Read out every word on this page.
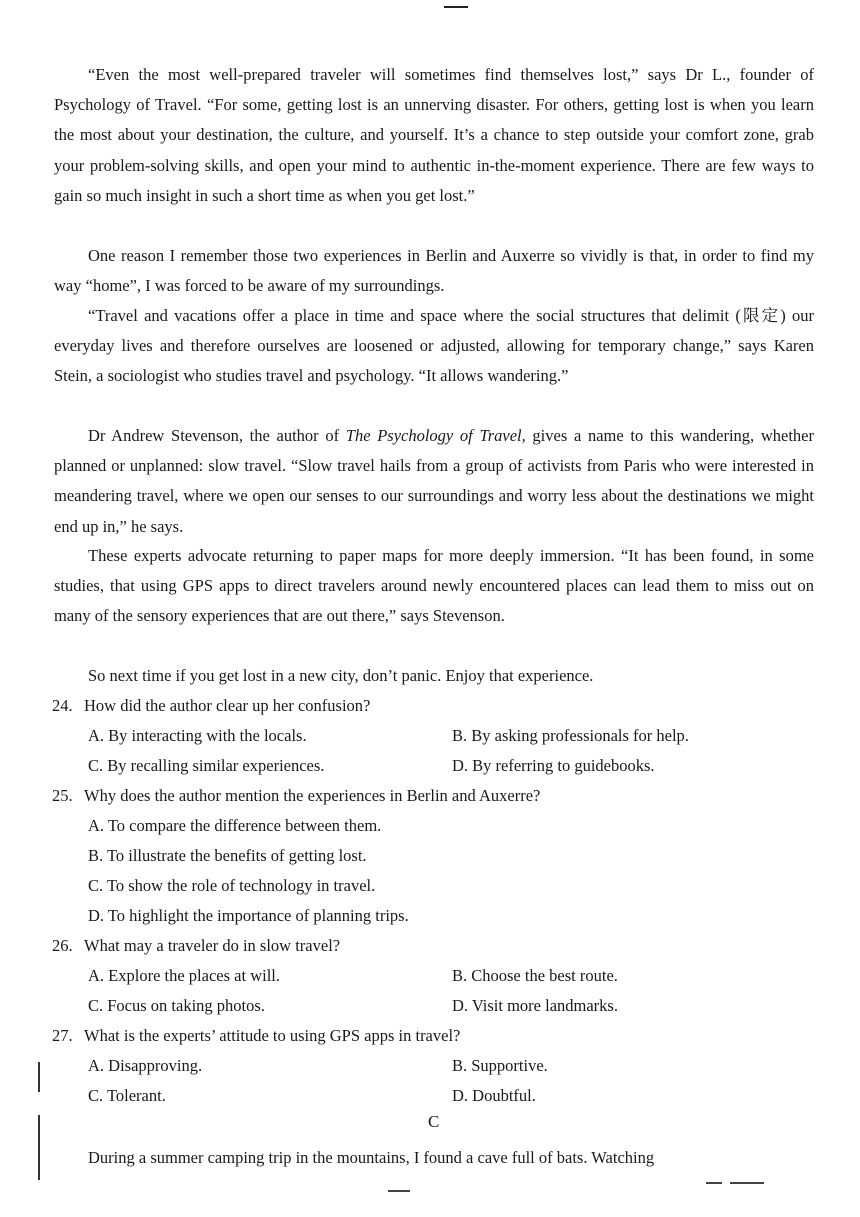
“Even the most well-prepared traveler will sometimes find themselves lost,” says Dr L., founder of Psychology of Travel. “For some, getting lost is an unnerving disaster. For others, getting lost is when you learn the most about your destination, the culture, and yourself. It’s a chance to step outside your comfort zone, grab your problem-solving skills, and open your mind to authentic in-the-moment experience. There are few ways to gain so much insight in such a short time as when you get lost.”

One reason I remember those two experiences in Berlin and Auxerre so vividly is that, in order to find my way “home”, I was forced to be aware of my surroundings.

“Travel and vacations offer a place in time and space where the social structures that delimit (限定) our everyday lives and therefore ourselves are loosened or adjusted, allowing for temporary change,” says Karen Stein, a sociologist who studies travel and psychology. “It allows wandering.”

Dr Andrew Stevenson, the author of The Psychology of Travel, gives a name to this wandering, whether planned or unplanned: slow travel. “Slow travel hails from a group of activists from Paris who were interested in meandering travel, where we open our senses to our surroundings and worry less about the destinations we might end up in,” he says.

These experts advocate returning to paper maps for more deeply immersion. “It has been found, in some studies, that using GPS apps to direct travelers around newly encountered places can lead them to miss out on many of the sensory experiences that are out there,” says Stevenson.

So next time if you get lost in a new city, don’t panic. Enjoy that experience.

24. How did the author clear up her confusion?
A. By interacting with the locals.	B. By asking professionals for help.
C. By recalling similar experiences.	D. By referring to guidebooks.
25. Why does the author mention the experiences in Berlin and Auxerre?
A. To compare the difference between them.
B. To illustrate the benefits of getting lost.
C. To show the role of technology in travel.
D. To highlight the importance of planning trips.
26. What may a traveler do in slow travel?
A. Explore the places at will.	B. Choose the best route.
C. Focus on taking photos.	D. Visit more landmarks.
27. What is the experts’ attitude to using GPS apps in travel?
A. Disapproving.	B. Supportive.
C. Tolerant.	D. Doubtful.
C
During a summer camping trip in the mountains, I found a cave full of bats. Watching
